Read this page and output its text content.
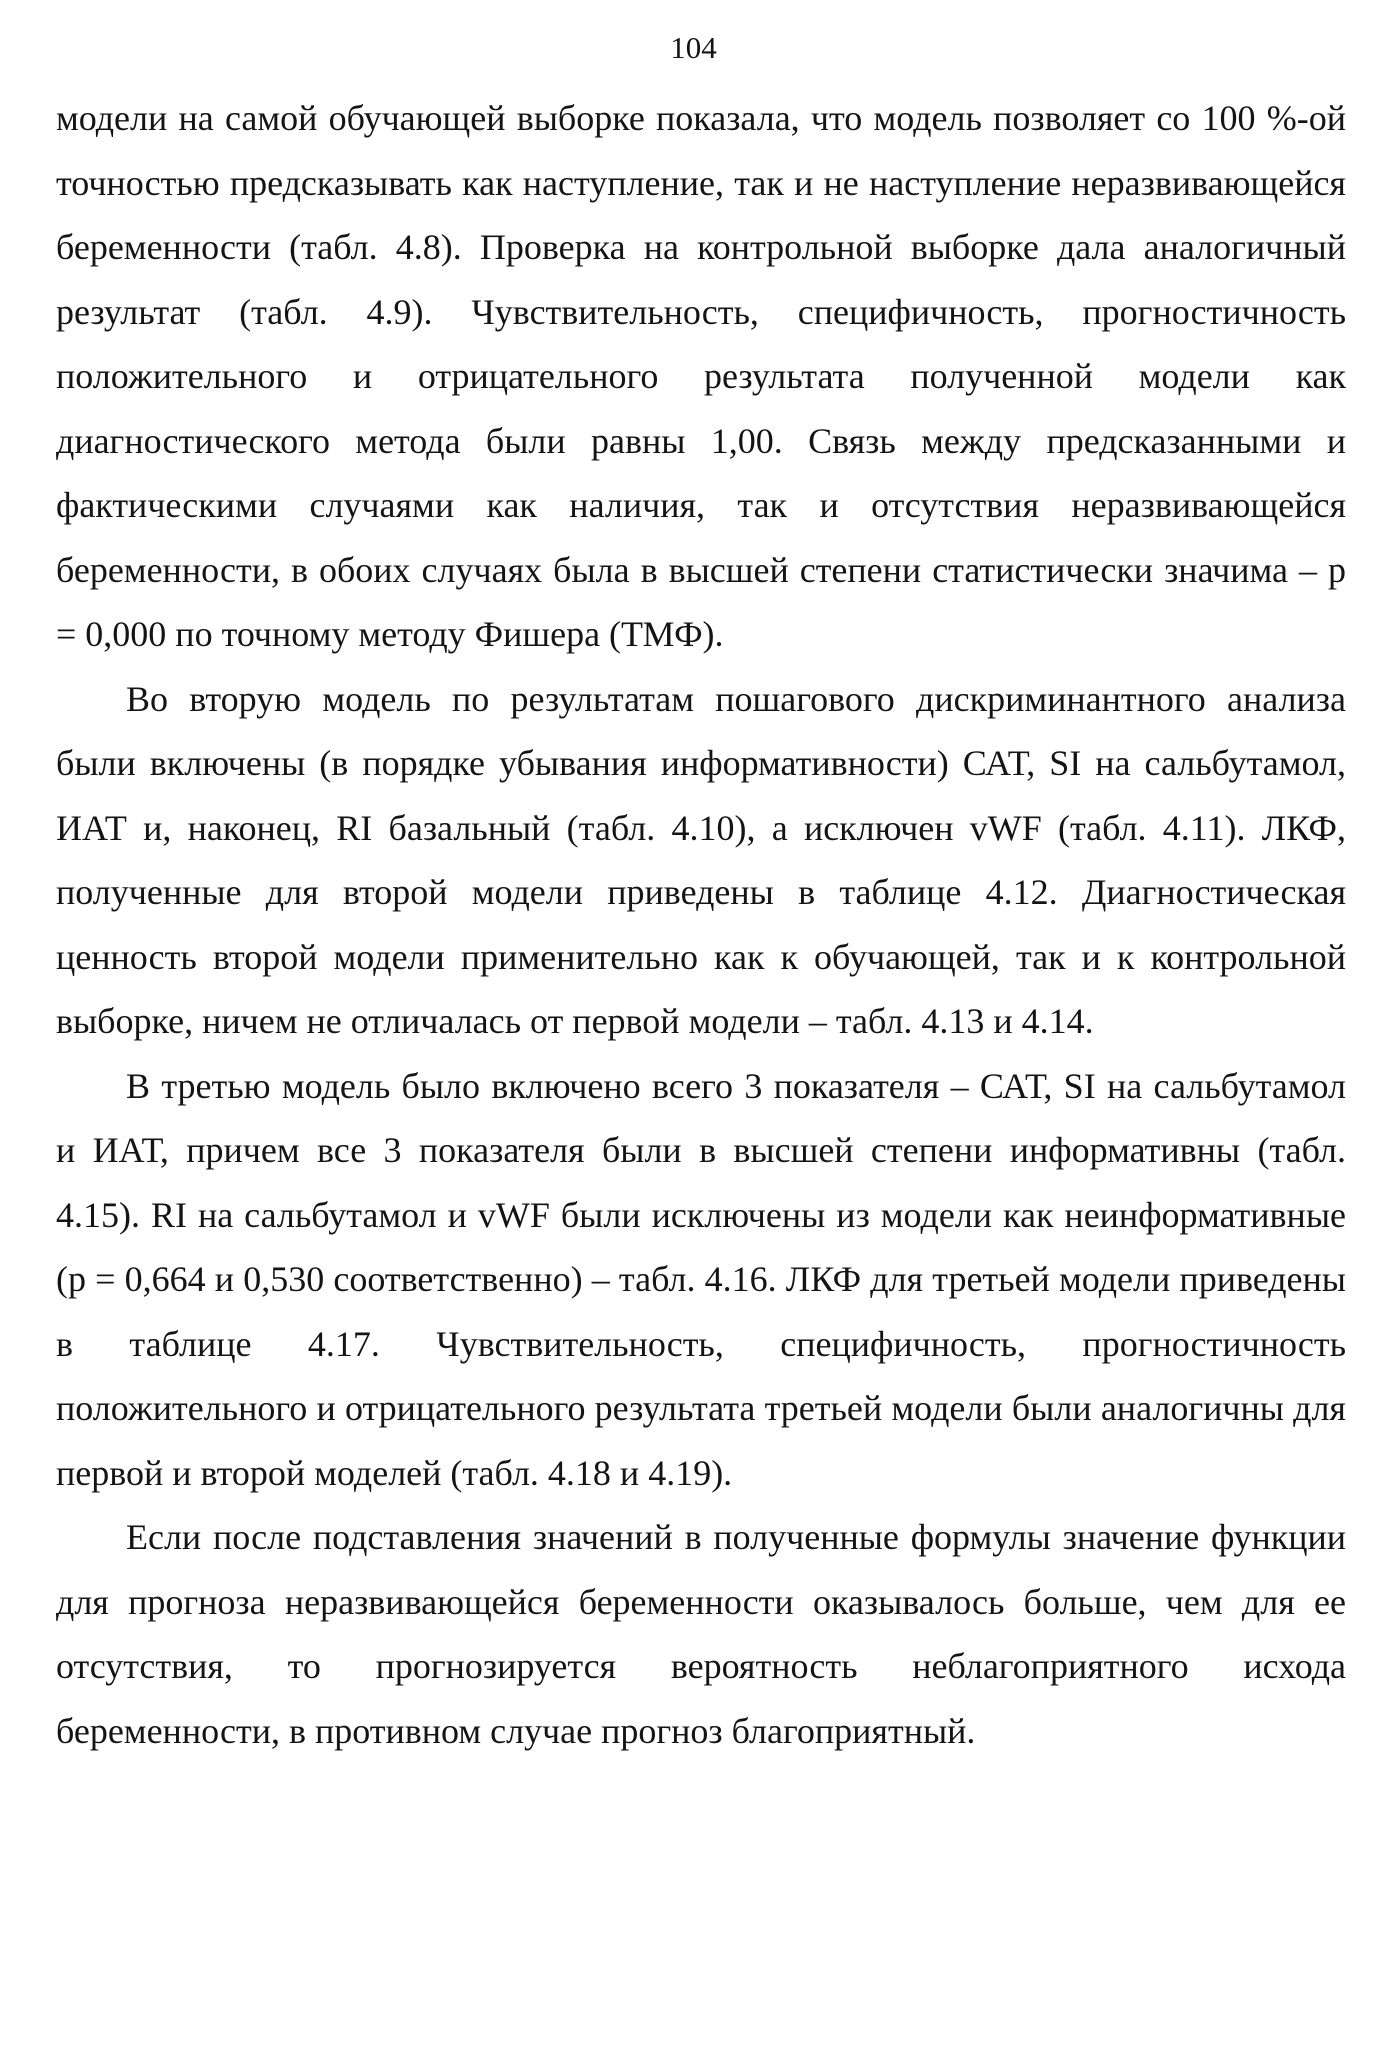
104

модели на самой обучающей выборке показала, что модель позволяет со 100 %-ой точностью предсказывать как наступление, так и не наступление неразвивающейся беременности (табл. 4.8). Проверка на контрольной выборке дала аналогичный результат (табл. 4.9). Чувствительность, специфичность, прогностичность положительного и отрицательного результата полученной модели как диагностического метода были равны 1,00. Связь между предсказанными и фактическими случаями как наличия, так и отсутствия неразвивающейся беременности, в обоих случаях была в высшей степени статистически значима – p = 0,000 по точному методу Фишера (ТМФ).

Во вторую модель по результатам пошагового дискриминантного анализа были включены (в порядке убывания информативности) САТ, SI на сальбутамол, ИАТ и, наконец, RI базальный (табл. 4.10), а исключен vWF (табл. 4.11). ЛКФ, полученные для второй модели приведены в таблице 4.12. Диагностическая ценность второй модели применительно как к обучающей, так и к контрольной выборке, ничем не отличалась от первой модели – табл. 4.13 и 4.14.

В третью модель было включено всего 3 показателя – САТ, SI на сальбутамол и ИАТ, причем все 3 показателя были в высшей степени информативны (табл. 4.15). RI на сальбутамол и vWF были исключены из модели как неинформативные (p = 0,664 и 0,530 соответственно) – табл. 4.16. ЛКФ для третьей модели приведены в таблице 4.17. Чувствительность, специфичность, прогностичность положительного и отрицательного результата третьей модели были аналогичны для первой и второй моделей (табл. 4.18 и 4.19).

Если после подставления значений в полученные формулы значение функции для прогноза неразвивающейся беременности оказывалось больше, чем для ее отсутствия, то прогнозируется вероятность неблагоприятного исхода беременности, в противном случае прогноз благоприятный.
